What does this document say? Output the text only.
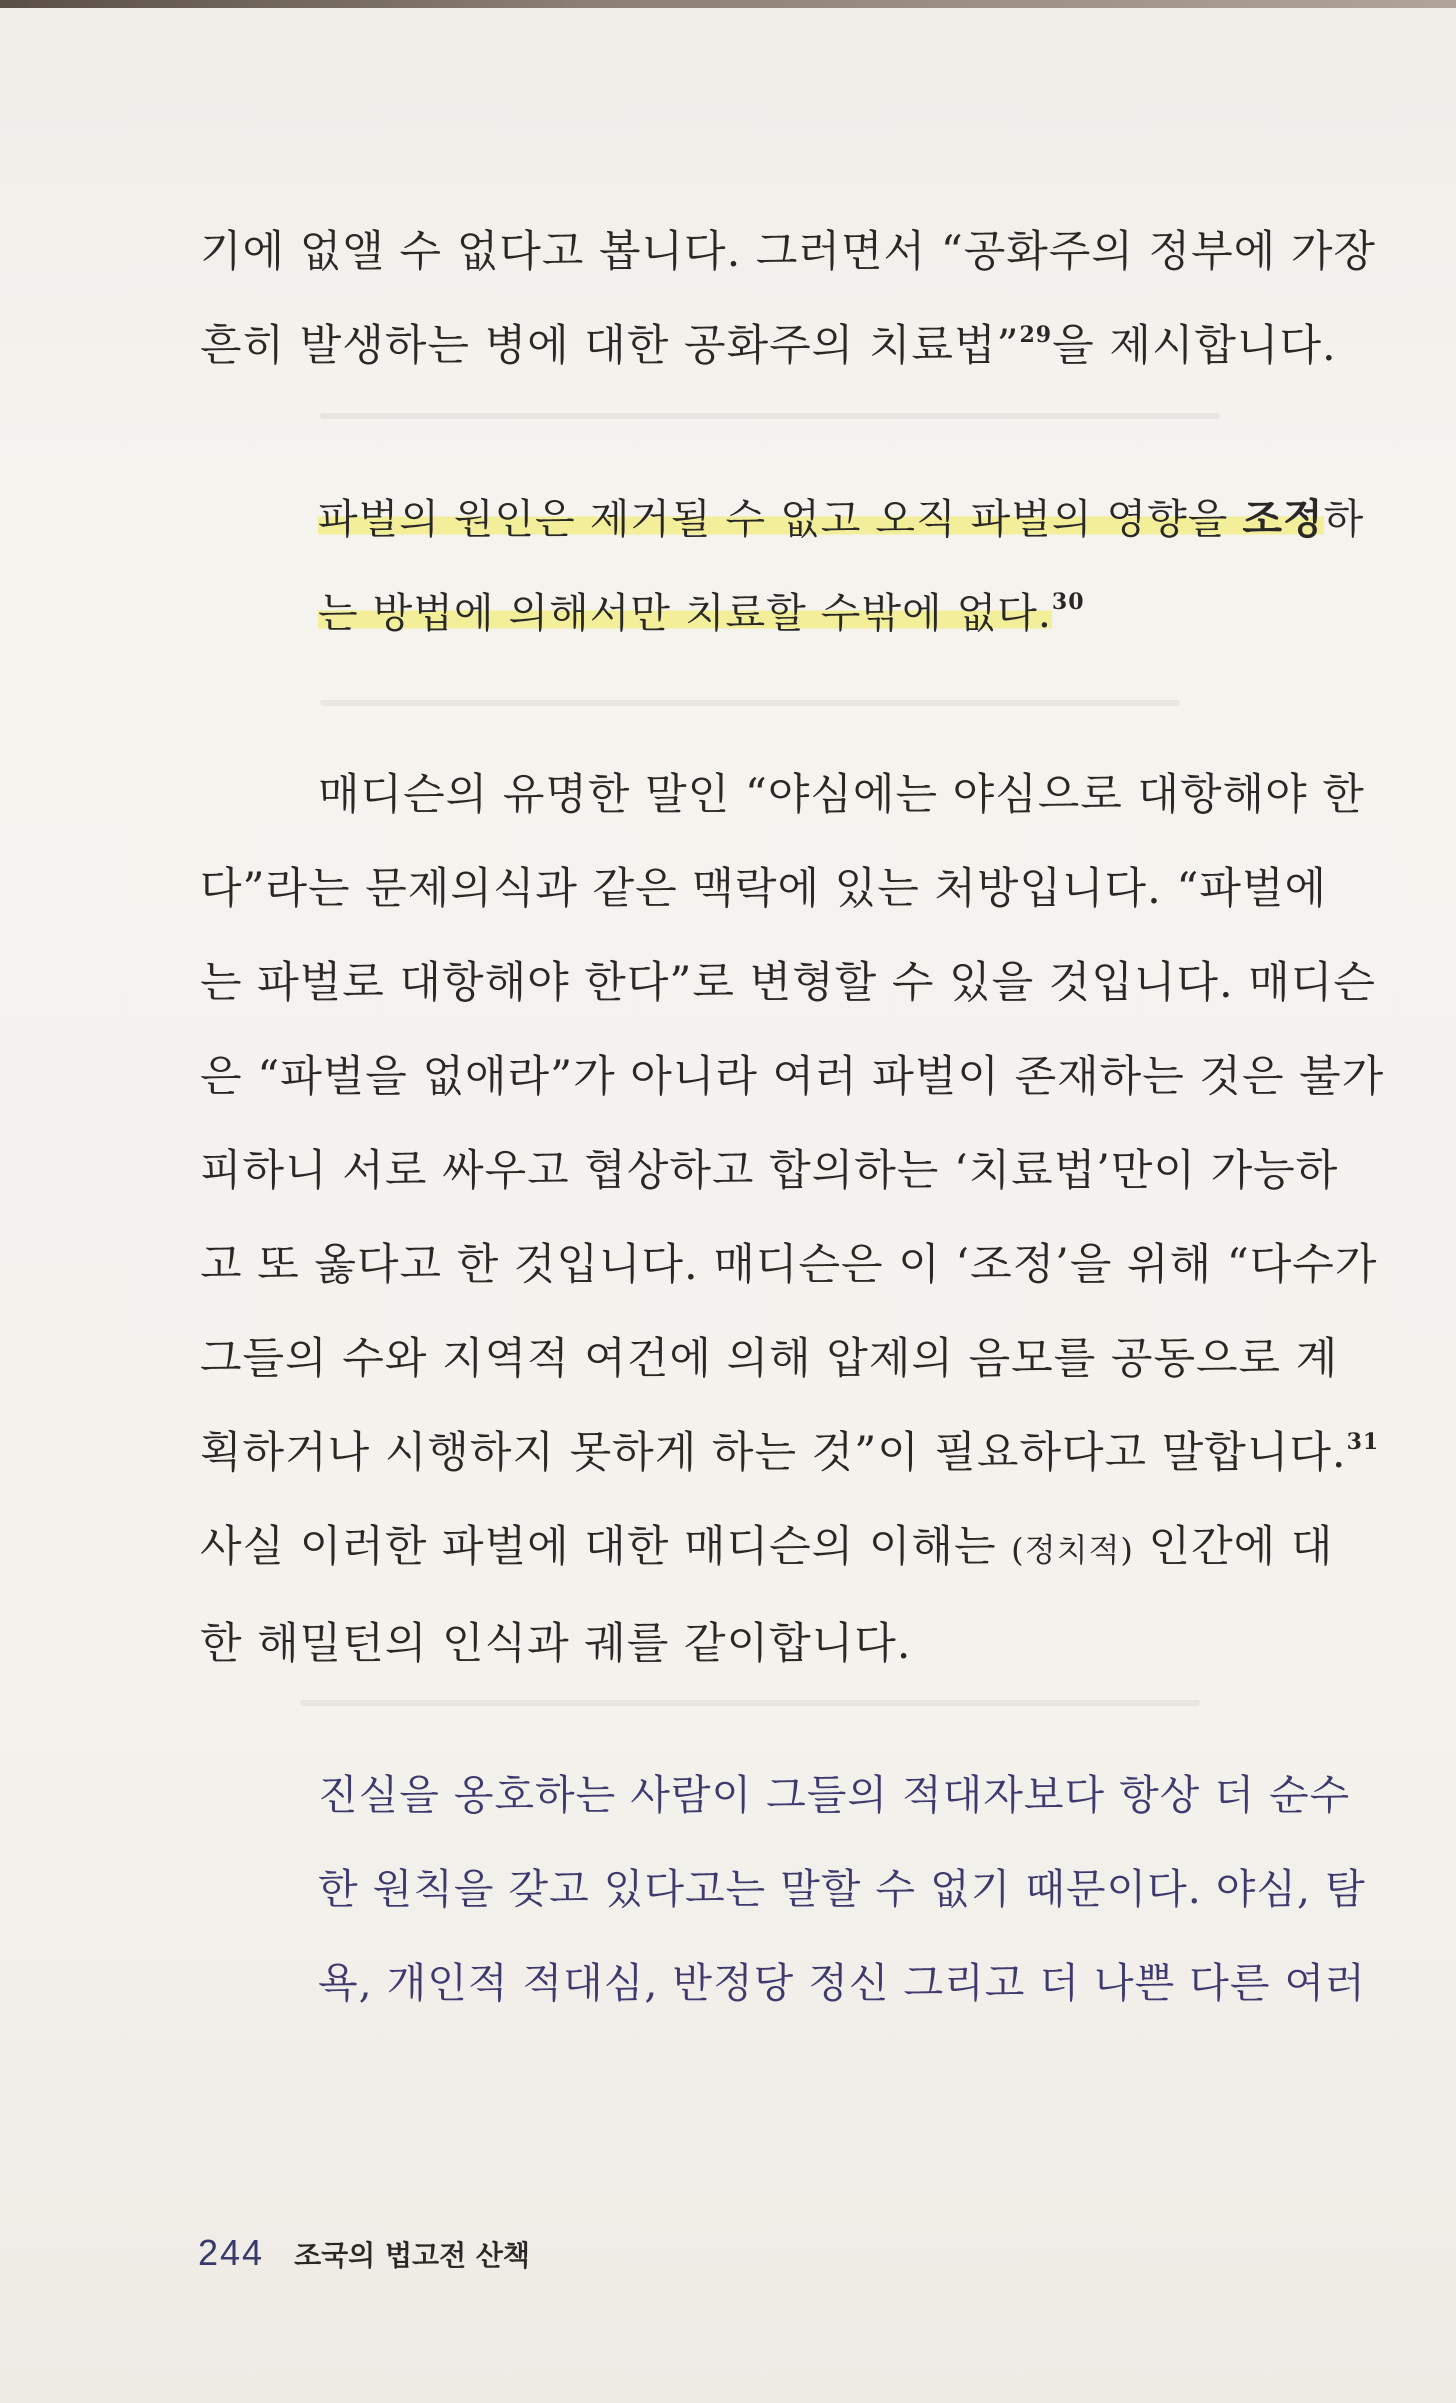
기에 없앨 수 없다고 봅니다. 그러면서 “공화주의 정부에 가장
흔히 발생하는 병에 대한 공화주의 치료법”$^{29}$을 제시합니다.
파벌의 원인은 제거될 수 없고 오직 파벌의 영향을 조정하
는 방법에 의해서만 치료할 수밖에 없다.$^{30}$
매디슨의 유명한 말인 “야심에는 야심으로 대항해야 한
다”라는 문제의식과 같은 맥락에 있는 처방입니다. “파벌에
는 파벌로 대항해야 한다”로 변형할 수 있을 것입니다. 매디슨
은 “파벌을 없애라”가 아니라 여러 파벌이 존재하는 것은 불가
피하니 서로 싸우고 협상하고 합의하는 ‘치료법’만이 가능하
고 또 옳다고 한 것입니다. 매디슨은 이 ‘조정’을 위해 “다수가
그들의 수와 지역적 여건에 의해 압제의 음모를 공동으로 계
획하거나 시행하지 못하게 하는 것”이 필요하다고 말합니다.$^{31}$
사실 이러한 파벌에 대한 매디슨의 이해는 (정치적) 인간에 대
한 해밀턴의 인식과 궤를 같이합니다.
진실을 옹호하는 사람이 그들의 적대자보다 항상 더 순수
한 원칙을 갖고 있다고는 말할 수 없기 때문이다. 야심, 탐
욕, 개인적 적대심, 반정당 정신 그리고 더 나쁜 다른 여러
244 조국의 법고전 산책
